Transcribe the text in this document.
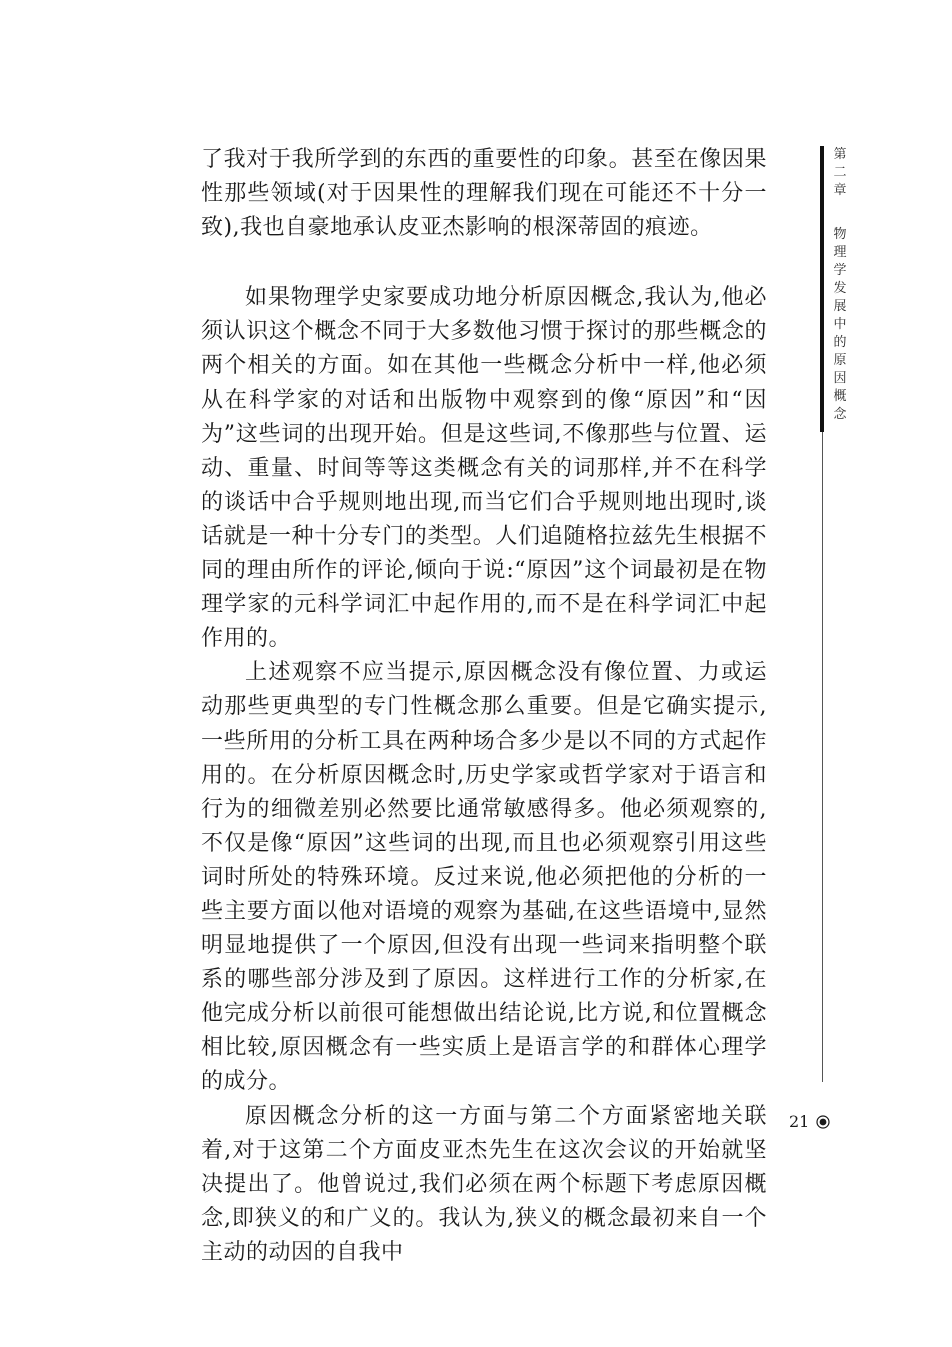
了我对于我所学到的东西的重要性的印象。甚至在像因果性那些领域(对于因果性的理解我们现在可能还不十分一致),我也自豪地承认皮亚杰影响的根深蒂固的痕迹。

如果物理学史家要成功地分析原因概念,我认为,他必须认识这个概念不同于大多数他习惯于探讨的那些概念的两个相关的方面。如在其他一些概念分析中一样,他必须从在科学家的对话和出版物中观察到的像“原因”和“因为”这些词的出现开始。但是这些词,不像那些与位置、运动、重量、时间等等这类概念有关的词那样,并不在科学的谈话中合乎规则地出现,而当它们合乎规则地出现时,谈话就是一种十分专门的类型。人们追随格拉兹先生根据不同的理由所作的评论,倾向于说:“原因”这个词最初是在物理学家的元科学词汇中起作用的,而不是在科学词汇中起作用的。

上述观察不应当提示,原因概念没有像位置、力或运动那些更典型的专门性概念那么重要。但是它确实提示,一些所用的分析工具在两种场合多少是以不同的方式起作用的。在分析原因概念时,历史学家或哲学家对于语言和行为的细微差别必然要比通常敏感得多。他必须观察的,不仅是像“原因”这些词的出现,而且也必须观察引用这些词时所处的特殊环境。反过来说,他必须把他的分析的一些主要方面以他对语境的观察为基础,在这些语境中,显然明显地提供了一个原因,但没有出现一些词来指明整个联系的哪些部分涉及到了原因。这样进行工作的分析家,在他完成分析以前很可能想做出结论说,比方说,和位置概念相比较,原因概念有一些实质上是语言学的和群体心理学的成分。

原因概念分析的这一方面与第二个方面紧密地关联着,对于这第二个方面皮亚杰先生在这次会议的开始就坚决提出了。他曾说过,我们必须在两个标题下考虑原因概念,即狭义的和广义的。我认为,狭义的概念最初来自一个主动的动因的自我中

第
二
章
物
理
学
发
展
中
的
原
因
概
念
21
